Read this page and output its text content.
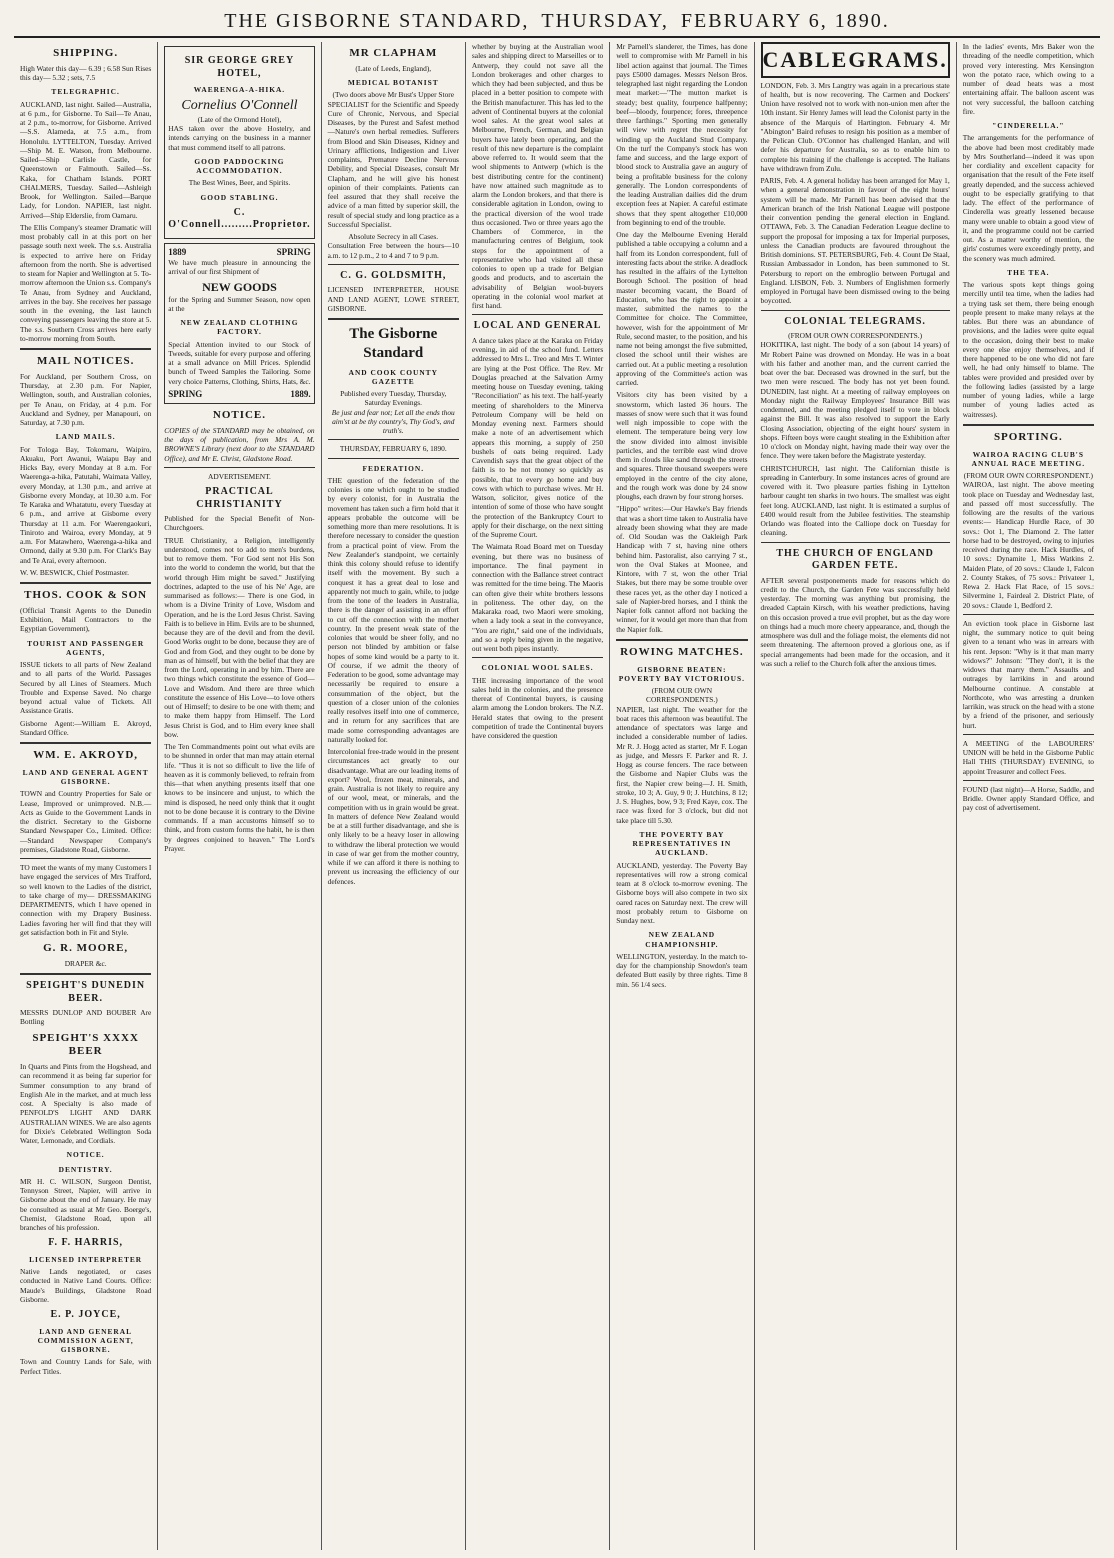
THE GISBORNE STANDARD, THURSDAY, FEBRUARY 6, 1890.
SHIPPING.

High Water this day— 6.39 ; 6.58 Sun Rises this day— 5.32 ; sets, 7.5

TELEGRAPHIC.

AUCKLAND, last night. Sailed—Australia, at 6 p.m., for Gisborne. To Sail—Te Anau, at 2 p.m., to-morrow, for Gisborne. Arrived—S.S. Alameda, at 7.5 a.m., from Honolulu. LYTTELTON, Tuesday. Arrived—Ship M. E. Watson, from Melbourne. Sailed—Ship Carlisle Castle, for Queenstown or Falmouth. Sailed—Ss. Kaka, for Chatham Islands. PORT CHALMERS, Tuesday. Sailed—Ashleigh Brook, for Wellington. Sailed—Barque Lady, for London. NAPIER, last night. Arrived—Ship Elderslie, from Oamaru.

The Ellis Company's steamer Dramatic will most probably call in at this port on her passage south next week. The s.s. Australia is expected to arrive here on Friday afternoon from the north. She is advertised to steam for Napier and Wellington at 5. To-morrow afternoon the Union s.s. Company's Te Anau, from Sydney and Auckland, arrives in the bay. She receives her passage south in the evening, the last launch conveying passengers leaving the store at 5. The s.s. Southern Cross arrives here early to-morrow morning from South.

MAIL NOTICES.

For Auckland, per Southern Cross, on Thursday, at 2.30 p.m. For Napier, Wellington, south, and Australian colonies, per Te Anau, on Friday, at 4 p.m. For Auckland and Sydney, per Manapouri, on Saturday, at 7.30 p.m.

LAND MAILS.

For Tologa Bay, Tokomaru, Waipiro, Akuaku, Port Awanui, Waiapu Bay and Hicks Bay, every Monday at 8 a.m. For Waerenga-a-hika, Patutahi, Waimata Valley, every Monday, at 1.30 p.m., and arrive at Gisborne every Monday, at 10.30 a.m. For Te Karaka and Whatatutu, every Tuesday at 6 p.m., and arrive at Gisborne every Thursday at 11 a.m. For Waerengaokuri, Tiniroto and Wairoa, every Monday, at 9 a.m. For Matawhero, Waerenga-a-hika and Ormond, daily at 9.30 p.m. For Clark's Bay and Te Arai, every afternoon.

W. W. BESWICK, Chief Postmaster.

THOS. COOK & SON

(Official Transit Agents to the Dunedin Exhibition, Mail Contractors to the Egyptian Government),

TOURIST AND PASSENGER AGENTS,

ISSUE tickets to all parts of New Zealand and to all parts of the World. Passages Secured by all Lines of Steamers. Much Trouble and Expense Saved. No charge beyond actual value of Tickets. All Assistance Gratis.

Gisborne Agent:—William E. Akroyd, Standard Office.

WM. E. AKROYD,
LAND AND GENERAL AGENT GISBORNE.

TOWN and Country Properties for Sale or Lease, Improved or unimproved. N.B.—Acts as Guide to the Government Lands in the district. Secretary to the Gisborne Standard Newspaper Co., Limited. Office:—Standard Newspaper Company's premises, Gladstone Road, Gisborne.

TO meet the wants of my many Customers I have engaged the services of Mrs Trafford, so well known to the Ladies of the district, to take charge of my— DRESSMAKING DEPARTMENTS, which I have opened in connection with my Drapery Business. Ladies favoring her will find that they will get satisfaction both in Fit and Style.

G. R. MOORE,
DRAPER &c.
SPEIGHT'S DUNEDIN BEER.

MESSRS DUNLOP AND BOUBER Are Bottling

SPEIGHT'S XXXX BEER

In Quarts and Pints from the Hogshead, and can recommend it as being far superior for Summer consumption to any brand of English Ale in the market, and at much less cost. A Specialty is also made of PENFOLD'S LIGHT AND DARK AUSTRALIAN WINES. We are also agents for Dixie's Celebrated Wellington Soda Water, Lemonade, and Cordials.

NOTICE.
DENTISTRY.

MR H. C. WILSON, Surgeon Dentist, Tennyson Street, Napier, will arrive in Gisborne about the end of January. He may be consulted as usual at Mr Geo. Boerge's, Chemist, Gladstone Road, upon all branches of his profession.

F. F. HARRIS,
LICENSED INTERPRETER

Native Lands negotiated, or cases conducted in Native Land Courts. Office: Maude's Buildings, Gladstone Road Gisborne.

E. P. JOYCE,
LAND AND GENERAL COMMISSION AGENT, GISBORNE.

Town and Country Lands for Sale, with Perfect Titles.

SIR GEORGE GREY HOTEL,
WAERENGA-A-HIKA.
Cornelius O'Connell
(Late of the Ormond Hotel),

HAS taken over the above Hostelry, and intends carrying on the business in a manner that must commend itself to all patrons.

GOOD PADDOCKING ACCOMMODATION.
The Best Wines, Beer, and Spirits.
GOOD STABLING.
C. O'Connell.........Proprietor.
1889	SPRING

We have much pleasure in announcing the arrival of our first Shipment of

NEW GOODS

for the Spring and Summer Season, now open at the

NEW ZEALAND CLOTHING FACTORY.

Special Attention invited to our Stock of Tweeds, suitable for every purpose and offering at a small advance on Mill Prices. Splendid bunch of Tweed Samples the Tailoring. Some very choice Patterns, Clothing, Shirts, Hats, &c.

SPRING	1889.
NOTICE.

COPIES of the STANDARD may be obtained, on the days of publication, from Mrs A. M. BROWNE'S Library (next door to the STANDARD Office), and Mr E. Christ, Gladstone Road.

ADVERTISEMENT.
PRACTICAL CHRISTIANITY

Published for the Special Benefit of Non-Churchgoers.

TRUE Christianity, a Religion, intelligently understood, comes not to add to men's burdens, but to remove them. "For God sent not His Son into the world to condemn the world, but that the world through Him might be saved." Justifying doctrines, adapted to the use of his Ne' Age, are summarised as follows:— There is one God, in whom is a Divine Trinity of Love, Wisdom and Operation, and he is the Lord Jesus Christ. Saving Faith is to believe in Him. Evils are to be shunned, because they are of the devil and from the devil. Good Works ought to be done, because they are of God and from God, and they ought to be done by man as of himself, but with the belief that they are from the Lord, operating in and by him. There are two things which constitute the essence of God—Love and Wisdom. And there are three which constitute the essence of His Love—to love others out of Himself; to desire to be one with them; and to make them happy from Himself. The Lord Jesus Christ is God, and to Him every knee shall bow.

The Ten Commandments point out what evils are to be shunned in order that man may attain eternal life. "Thus it is not so difficult to live the life of heaven as it is commonly believed, to refrain from this—that when anything presents itself that one knows to be insincere and unjust, to which the mind is disposed, he need only think that it ought not to be done because it is contrary to the Divine commands. If a man accustoms himself so to think, and from custom forms the habit, he is then by degrees conjoined to heaven." The Lord's Prayer.

MR CLAPHAM
(Late of Leeds, England),
MEDICAL BOTANIST
(Two doors above Mr Bust's Upper Store

SPECIALIST for the Scientific and Speedy Cure of Chronic, Nervous, and Special Diseases, by the Purest and Safest method—Nature's own herbal remedies. Sufferers from Blood and Skin Diseases, Kidney and Urinary afflictions, Indigestion and Liver complaints, Premature Decline Nervous Debility, and Special Diseases, consult Mr Clapham, and he will give his honest opinion of their complaints. Patients can feel assured that they shall receive the advice of a man fitted by superior skill, the result of special study and long practice as a Successful Specialist.

Absolute Secrecy in all Cases.

Consultation Free between the hours—10 a.m. to 12 p.m., 2 to 4 and 7 to 9 p.m.

C. G. GOLDSMITH,

LICENSED INTERPRETER, HOUSE AND LAND AGENT, LOWE STREET, GISBORNE.

The Gisborne Standard
AND COOK COUNTY GAZETTE
Published every Tuesday, Thursday, Saturday Evenings.
Be just and fear not; Let all the ends thou aim'st at be thy country's, Thy God's, and truth's.
THURSDAY, FEBRUARY 6, 1890.
FEDERATION.

THE question of the federation of the colonies is one which ought to be studied by every colonist, for in Australia the movement has taken such a firm hold that it appears probable the outcome will be something more than mere resolutions. It is therefore necessary to consider the question from a practical point of view. From the New Zealander's standpoint, we certainly think this colony should refuse to identify itself with the movement. By such a conquest it has a great deal to lose and apparently not much to gain, while, to judge from the tone of the leaders in Australia, there is the danger of assisting in an effort to cut off the connection with the mother country. In the present weak state of the colonies that would be sheer folly, and no person not blinded by ambition or false hopes of some kind would be a party to it. Of course, if we admit the theory of Federation to be good, some advantage may necessarily be required to ensure a consummation of the object, but the question of a closer union of the colonies really resolves itself into one of commerce, and in return for any sacrifices that are made some corresponding advantages are naturally looked for.

Intercolonial free-trade would in the present circumstances act greatly to our disadvantage. What are our leading items of export? Wool, frozen meat, minerals, and grain. Australia is not likely to require any of our wool, meat, or minerals, and the competition with us in grain would be great. In matters of defence New Zealand would be at a still further disadvantage, and she is only likely to be a heavy loser in allowing to withdraw the liberal protection we would in case of war get from the mother country, while if we can afford it there is nothing to prevent us increasing the efficiency of our defences.

whether by buying at the Australian wool sales and shipping direct to Marseilles or to Antwerp, they could not save all the London brokerages and other charges to which they had been subjected, and thus be placed in a better position to compete with the British manufacturer. This has led to the advent of Continental buyers at the colonial wool sales. At the great wool sales at Melbourne, French, German, and Belgian buyers have lately been operating, and the result of this new departure is the complaint above referred to. It would seem that the wool shipments to Antwerp (which is the best distributing centre for the continent) have now attained such magnitude as to alarm the London brokers, and that there is considerable agitation in London, owing to the practical diversion of the wool trade thus occasioned. Two or three years ago the Chambers of Commerce, in the manufacturing centres of Belgium, took steps for the appointment of a representative who had visited all these colonies to open up a trade for Belgian goods and products, and to ascertain the advisability of Belgian wool-buyers operating in the colonial wool market at first hand.

LOCAL AND GENERAL

A dance takes place at the Karaka on Friday evening, in aid of the school fund. Letters addressed to Mrs L. Treo and Mrs T. Winter are lying at the Post Office. The Rev. Mr Douglas preached at the Salvation Army meeting house on Tuesday evening, taking "Reconciliation" as his text. The half-yearly meeting of shareholders to the Minerva Petroleum Company will be held on Monday evening next. Farmers should make a note of an advertisement which appears this morning, a supply of 250 bushels of oats being required. Lady Cavendish says that the great object of the faith is to be not money so quickly as possible, that to every go home and buy cows with which to purchase wives. Mr H. Watson, solicitor, gives notice of the intention of some of those who have sought the protection of the Bankruptcy Court to apply for their discharge, on the next sitting of the Supreme Court.

The Waimata Road Board met on Tuesday evening, but there was no business of importance. The final payment in connection with the Ballance street contract was remitted for the time being. The Maoris can often give their white brothers lessons in politeness. The other day, on the Makaraka road, two Maori were smoking, when a lady took a seat in the conveyance, "You are right," said one of the individuals, and so a reply being given in the negative, out went both pipes instantly.

COLONIAL WOOL SALES.

THE increasing importance of the wool sales held in the colonies, and the presence thereat of Continental buyers, is causing alarm among the London brokers. The N.Z. Herald states that owing to the present competition of trade the Continental buyers have considered the question

Mr Parnell's slanderer, the Times, has done well to compromise with Mr Parnell in his libel action against that journal. The Times pays £5000 damages. Messrs Nelson Bros. telegraphed last night regarding the London meat market:—"The mutton market is steady; best quality, fourpence halfpenny; beef—bloody, fourpence; fores, threepence three farthings." Sporting men generally will view with regret the necessity for winding up the Auckland Stud Company. On the turf the Company's stock has won fame and success, and the large export of blood stock to Australia gave an augury of being a profitable business for the colony generally. The London correspondents of the leading Australian dailies did the drum exception fees at Napier. A careful estimate shows that they spent altogether £10,000 from beginning to end of the trouble.

One day the Melbourne Evening Herald published a table occupying a column and a half from its London correspondent, full of interesting facts about the strike. A deadlock has resulted in the affairs of the Lyttelton Borough School. The position of head master becoming vacant, the Board of Education, who has the right to appoint a master, submitted the names to the Committee for choice. The Committee, however, wish for the appointment of Mr Rule, second master, to the position, and his name not being amongst the five submitted, closed the school until their wishes are carried out. At a public meeting a resolution approving of the Committee's action was carried.

Visitors city has been visited by a snowstorm, which lasted 36 hours. The masses of snow were such that it was found well nigh impossible to cope with the element. The temperature being very low the snow divided into almost invisible particles, and the terrible east wind drove them in clouds like sand through the streets and squares. Three thousand sweepers were employed in the centre of the city alone, and the rough work was done by 24 snow ploughs, each drawn by four strong horses.

"Hippo" writes:—Our Hawke's Bay friends that was a short time taken to Australia have already been showing what they are made of. Old Soudan was the Oakleigh Park Handicap with 7 st, having nine others behind him. Pastoralist, also carrying 7 st., won the Oval Stakes at Moonee, and Kintore, with 7 st, won the other Trial Stakes, but there may be some trouble over these races yet, as the other day I noticed a sale of Napier-bred horses, and I think the Napier folk cannot afford not backing the winner, for it would get more than that from the Napier folk.

ROWING MATCHES.
GISBORNE BEATEN: POVERTY BAY VICTORIOUS.
(FROM OUR OWN CORRESPONDENTS.)

NAPIER, last night. The weather for the boat races this afternoon was beautiful. The attendance of spectators was large and included a considerable number of ladies. Mr R. J. Hogg acted as starter, Mr F. Logan as judge, and Messrs F. Parker and R. J. Hogg as course fencers. The race between the Gisborne and Napier Clubs was the first, the Napier crew being—J. H. Smith, stroke, 10 3; A. Guy, 9 0; J. Hutchins, 8 12; J. S. Hughes, bow, 9 3; Fred Kaye, cox. The race was fixed for 3 o'clock, but did not take place till 5.30.

THE POVERTY BAY REPRESENTATIVES IN AUCKLAND.

AUCKLAND, yesterday. The Poverty Bay representatives will row a strong comical team at 8 o'clock to-morrow evening. The Gisborne boys will also compete in two six oared races on Saturday next. The crew will most probably return to Gisborne on Sunday next.

NEW ZEALAND CHAMPIONSHIP.

WELLINGTON, yesterday. In the match to-day for the championship Snowdon's team defeated Butt easily by three rights. Time 8 min. 56 1/4 secs.

CABLEGRAMS.

LONDON, Feb. 3. Mrs Langtry was again in a precarious state of health, but is now recovering. The Carmen and Dockers' Union have resolved not to work with non-union men after the 10th instant. Sir Henry James will lead the Colonist party in the absence of the Marquis of Hartington. February 4. Mr "Abington" Baird refuses to resign his position as a member of the Pelican Club. O'Connor has challenged Hanlan, and will defer his departure for Australia, so as to enable him to complete his training if the challenge is accepted. The Italians have withdrawn from Zulu.

PARIS, Feb. 4. A general holiday has been arranged for May 1, when a general demonstration in favour of the eight hours' system will be made. Mr Parnell has been advised that the American branch of the Irish National League will postpone their convention pending the general election in England. OTTAWA, Feb. 3. The Canadian Federation League decline to support the proposal for imposing a tax for Imperial purposes, unless the Canadian products are favoured throughout the British dominions. ST. PETERSBURG, Feb. 4. Count De Staal, Russian Ambassador in London, has been summoned to St. Petersburg to report on the embroglio between Portugal and England. LISBON, Feb. 3. Numbers of Englishmen formerly employed in Portugal have been dismissed owing to the being boycotted.

COLONIAL TELEGRAMS.
(FROM OUR OWN CORRESPONDENTS.)

HOKITIKA, last night. The body of a son (about 14 years) of Mr Robert Paine was drowned on Monday. He was in a boat with his father and another man, and the current carried the boat over the bar. Deceased was drowned in the surf, but the two men were rescued. The body has not yet been found. DUNEDIN, last night. At a meeting of railway employees on Monday night the Railway Employees' Insurance Bill was condemned, and the meeting pledged itself to vote in block against the Bill. It was also resolved to support the Early Closing Association, objecting of the eight hours' system in shops. Fifteen boys were caught stealing in the Exhibition after 10 o'clock on Monday night, having made their way over the fence. They were taken before the Magistrate yesterday.

CHRISTCHURCH, last night. The Californian thistle is spreading in Canterbury. In some instances acres of ground are covered with it. Two pleasure parties fishing in Lyttelton harbour caught ten sharks in two hours. The smallest was eight feet long. AUCKLAND, last night. It is estimated a surplus of £400 would result from the Jubilee festivities. The steamship Orlando was floated into the Calliope dock on Tuesday for cleaning.

THE CHURCH OF ENGLAND GARDEN FETE.

AFTER several postponements made for reasons which do credit to the Church, the Garden Fete was successfully held yesterday. The morning was anything but promising, the dreaded Captain Kirsch, with his weather predictions, having on this occasion proved a true evil prophet, but as the day wore on things had a much more cheery appearance, and, though the atmosphere was dull and the foliage moist, the elements did not seem threatening. The afternoon proved a glorious one, as if special arrangements had been made for the occasion, and it was such a relief to the Church folk after the anxious times.

In the ladies' events, Mrs Baker won the threading of the needle competition, which proved very interesting. Mrs Kensington won the potato race, which owing to a number of dead heats was a most entertaining affair. The balloon ascent was not very successful, the balloon catching fire.

"CINDERELLA."

The arrangements for the performance of the above had been most creditably made by Mrs Southerland—indeed it was upon her cordiality and excellent capacity for organisation that the result of the Fete itself greatly depended, and the success achieved ought to be especially gratifying to that lady. The effect of the performance of Cinderella was greatly lessened because many were unable to obtain a good view of it, and the programme could not be carried out. As a matter worthy of mention, the girls' costumes were exceedingly pretty, and the scenery was much admired.

THE TEA.

The various spots kept things going mercilly until tea time, when the ladies had a trying task set them, there being enough people present to make many relays at the tables. But there was an abundance of provisions, and the ladies were quite equal to the occasion, doing their best to make every one else enjoy themselves, and if there happened to be one who did not fare well, he had only himself to blame. The tables were provided and presided over by the following ladies (assisted by a large number of young ladies, while a large number of young ladies acted as waitresses).

SPORTING.
WAIROA RACING CLUB'S ANNUAL RACE MEETING.
(FROM OUR OWN CORRESPONDENT.)

WAIROA, last night. The above meeting took place on Tuesday and Wednesday last, and passed off most successfully. The following are the results of the various events:— Handicap Hurdle Race, of 30 sovs.: Oot 1, The Diamond 2. The latter horse had to be destroyed, owing to injuries received during the race. Hack Hurdles, of 10 sovs.: Dynamite 1, Miss Watkins 2. Maiden Plate, of 20 sovs.: Claude 1, Falcon 2. County Stakes, of 75 sovs.: Privateer 1, Rewa 2. Hack Flat Race, of 15 sovs.: Silvermine 1, Fairdeal 2. District Plate, of 20 sovs.: Claude 1, Bedford 2.

An eviction took place in Gisborne last night, the summary notice to quit being given to a tenant who was in arrears with his rent. Jepson: "Why is it that man marry widows?" Johnson: "They don't, it is the widows that marry them." Assaults and outrages by larrikins in and around Melbourne continue. A constable at Northcote, who was arresting a drunken larrikin, was struck on the head with a stone by a friend of the prisoner, and seriously hurt.

A MEETING of the LABOURERS' UNION will be held in the Gisborne Public Hall THIS (THURSDAY) EVENING, to appoint Treasurer and collect Fees.

FOUND (last night)—A Horse, Saddle, and Bridle. Owner apply Standard Office, and pay cost of advertisement.
